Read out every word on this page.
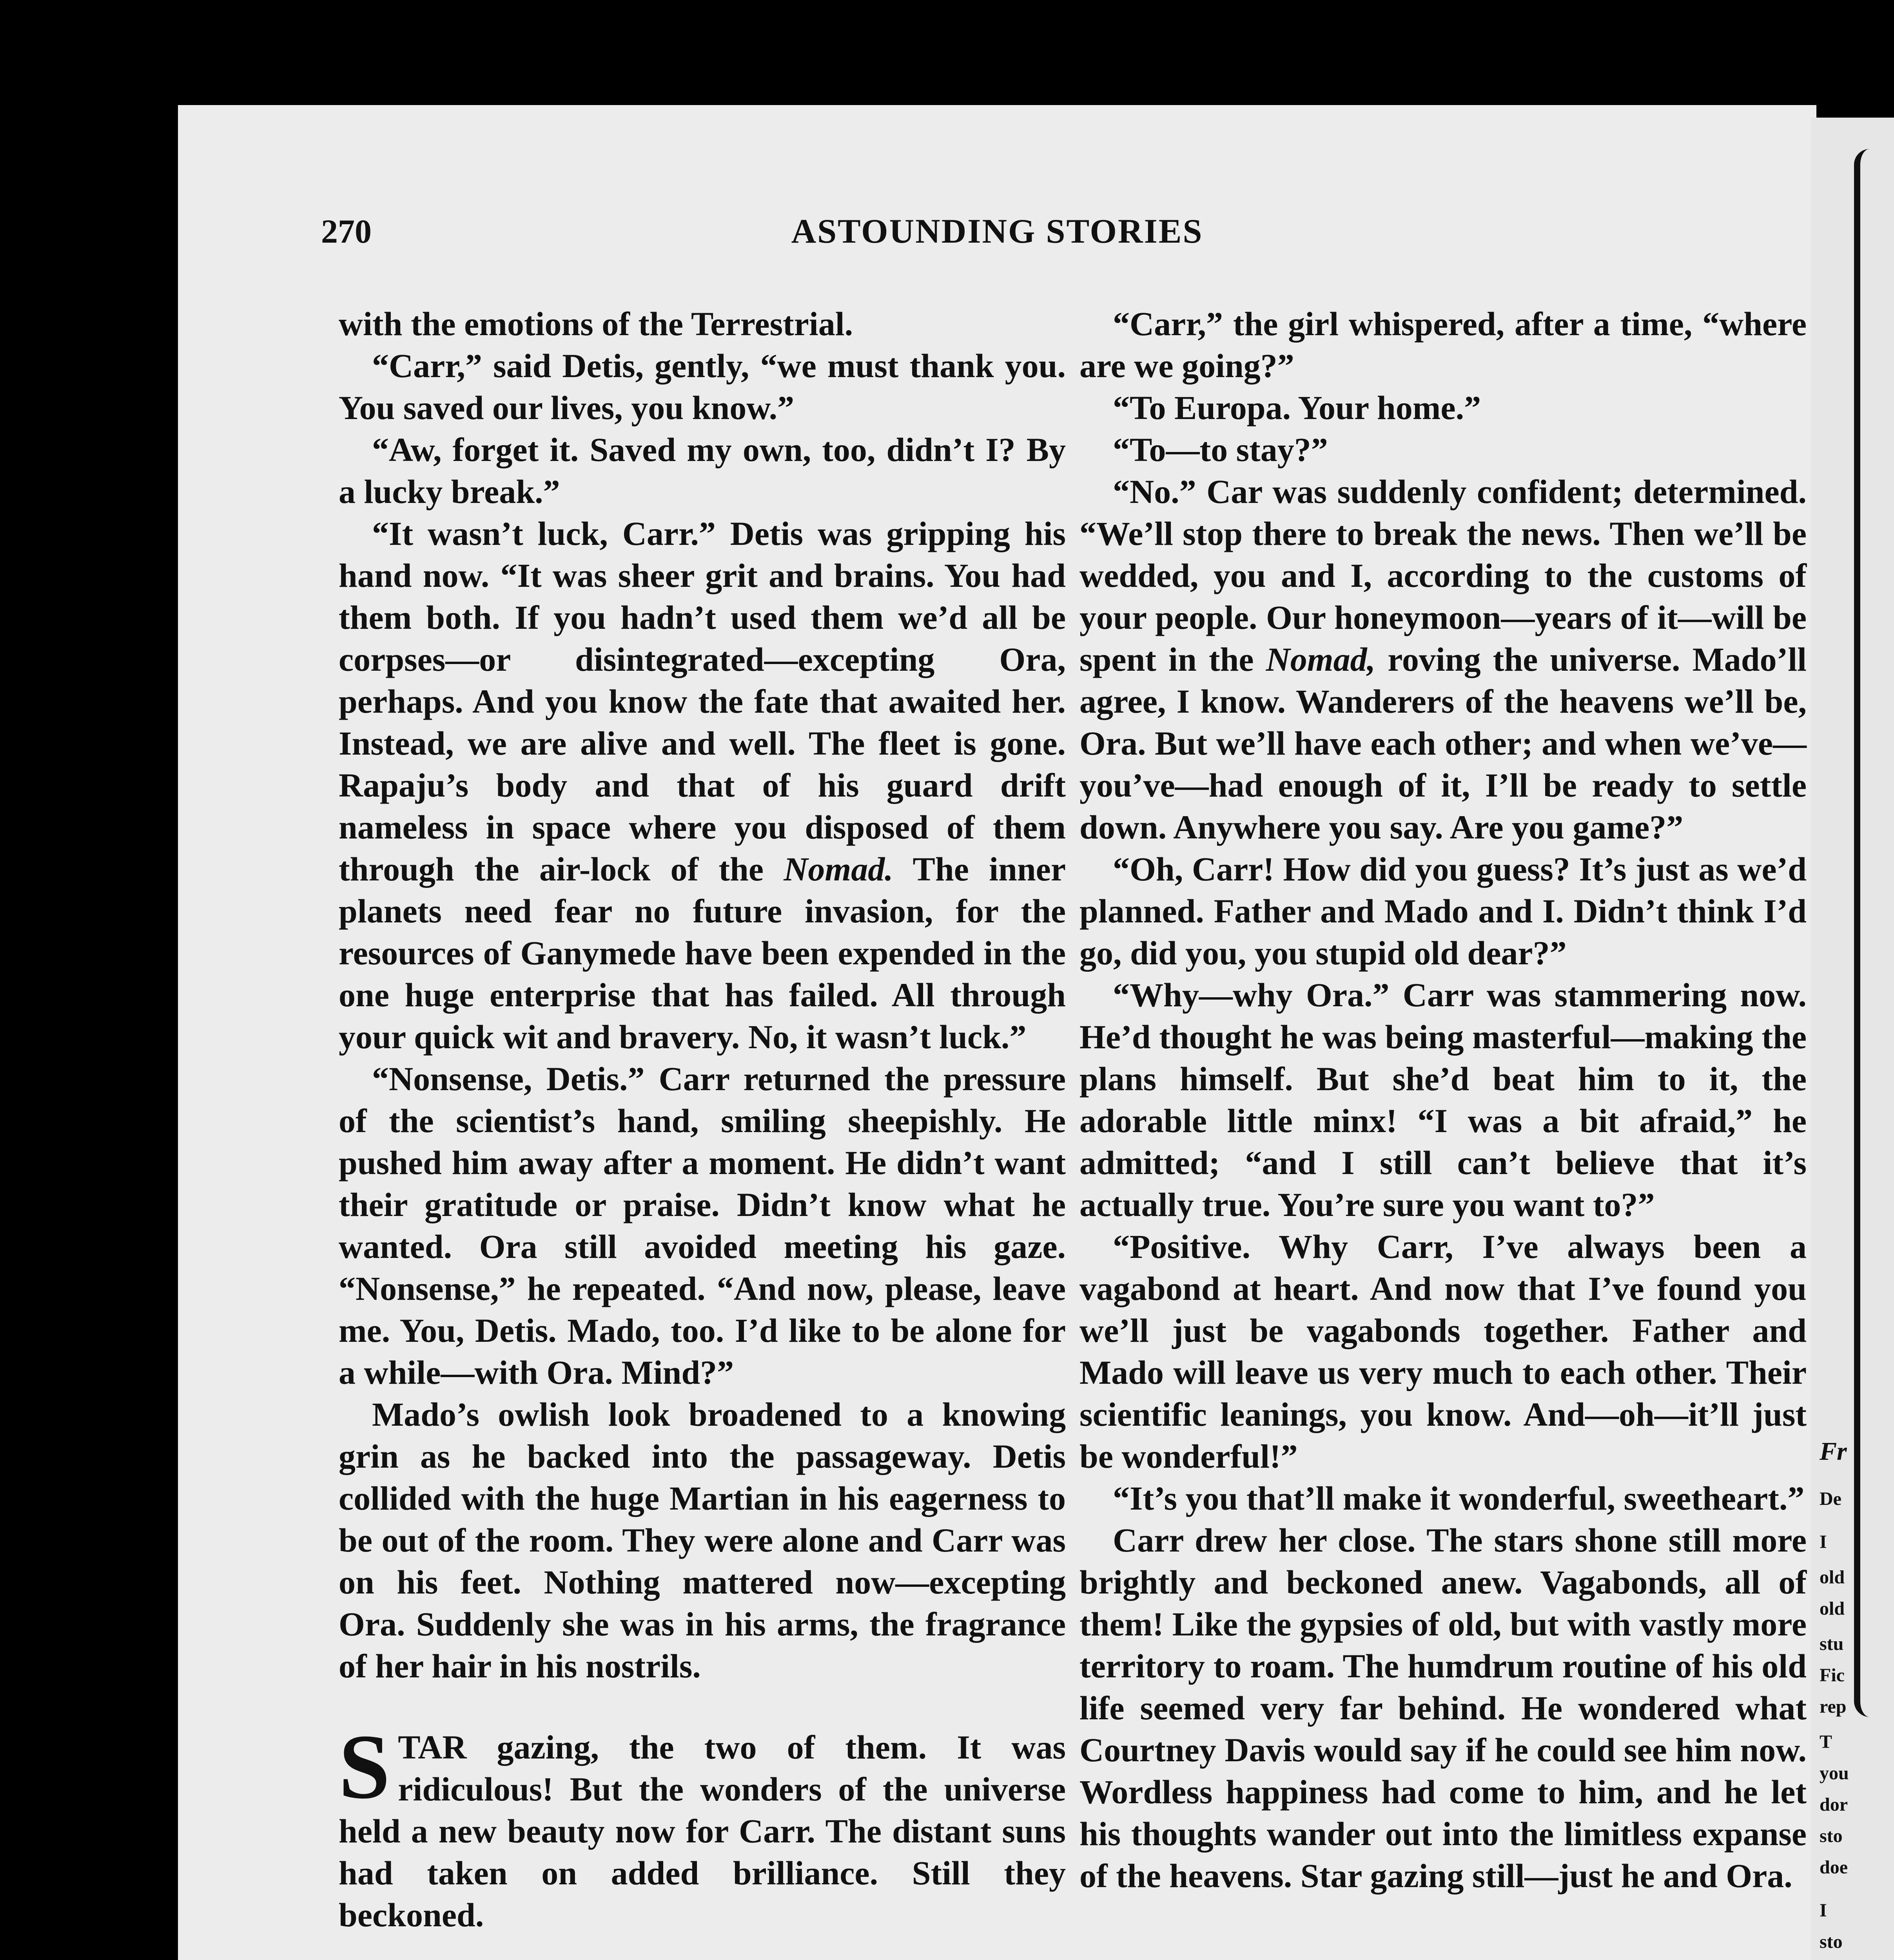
270	ASTOUNDING STORIES

with the emotions of the Terrestrial.

“Carr,” said Detis, gently, “we must thank you. You saved our lives, you know.”

“Aw, forget it. Saved my own, too, didn’t I? By a lucky break.”

“It wasn’t luck, Carr.” Detis was gripping his hand now. “It was sheer grit and brains. You had them both. If you hadn’t used them we’d all be corpses—or disintegrated—excepting Ora, perhaps. And you know the fate that awaited her. Instead, we are alive and well. The fleet is gone. Rapaju’s body and that of his guard drift nameless in space where you disposed of them through the air-lock of the Nomad. The inner planets need fear no future invasion, for the resources of Ganymede have been expended in the one huge enterprise that has failed. All through your quick wit and bravery. No, it wasn’t luck.”

“Nonsense, Detis.” Carr returned the pressure of the scientist’s hand, smiling sheepishly. He pushed him away after a moment. He didn’t want their gratitude or praise. Didn’t know what he wanted. Ora still avoided meeting his gaze. “Nonsense,” he repeated. “And now, please, leave me. You, Detis. Mado, too. I’d like to be alone for a while—with Ora. Mind?”

Mado’s owlish look broadened to a knowing grin as he backed into the passageway. Detis collided with the huge Martian in his eagerness to be out of the room. They were alone and Carr was on his feet. Nothing mattered now—excepting Ora. Suddenly she was in his arms, the fragrance of her hair in his nostrils.

STAR gazing, the two of them. It was ridiculous! But the wonders of the universe held a new beauty now for Carr. The distant suns had taken on added brilliance. Still they beckoned.

“Carr,” the girl whispered, after a time, “where are we going?”

“To Europa. Your home.”

“To—to stay?”

“No.” Car was suddenly confident; determined. “We’ll stop there to break the news. Then we’ll be wedded, you and I, according to the customs of your people. Our honeymoon—years of it—will be spent in the Nomad, roving the universe. Mado’ll agree, I know. Wanderers of the heavens we’ll be, Ora. But we’ll have each other; and when we’ve—you’ve—had enough of it, I’ll be ready to settle down. Anywhere you say. Are you game?”

“Oh, Carr! How did you guess? It’s just as we’d planned. Father and Mado and I. Didn’t think I’d go, did you, you stupid old dear?”

“Why—why Ora.” Carr was stammering now. He’d thought he was being masterful—making the plans himself. But she’d beat him to it, the adorable little minx! “I was a bit afraid,” he admitted; “and I still can’t believe that it’s actually true. You’re sure you want to?”

“Positive. Why Carr, I’ve always been a vagabond at heart. And now that I’ve found you we’ll just be vagabonds together. Father and Mado will leave us very much to each other. Their scientific leanings, you know. And—oh—it’ll just be wonderful!”

“It’s you that’ll make it wonderful, sweetheart.”

Carr drew her close. The stars shone still more brightly and beckoned anew. Vagabonds, all of them! Like the gypsies of old, but with vastly more territory to roam. The humdrum routine of his old life seemed very far behind. He wondered what Courtney Davis would say if he could see him now. Wordless happiness had come to him, and he let his thoughts wander out into the limitless expanse of the heavens. Star gazing still—just he and Ora.

Fr
De
I
old
old
stu
Fic
rep
T
you
dor
sto
doe
I
sto
